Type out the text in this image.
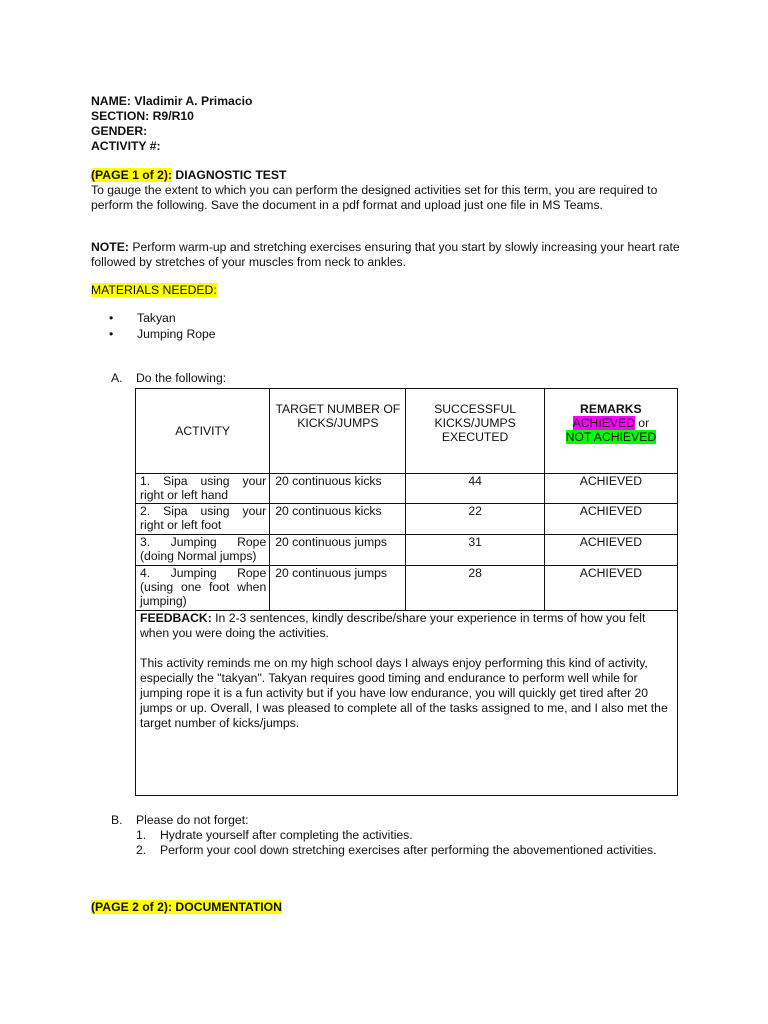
NAME: Vladimir A. Primacio
SECTION: R9/R10
GENDER:
ACTIVITY #:
(PAGE 1 of 2): DIAGNOSTIC TEST

To gauge the extent to which you can perform the designed activities set for this term, you are required to perform the following. Save the document in a pdf format and upload just one file in MS Teams.

NOTE: Perform warm-up and stretching exercises ensuring that you start by slowly increasing your heart rate followed by stretches of your muscles from neck to ankles.

MATERIALS NEEDED:
• Takyan
• Jumping Rope
A. Do the following:
ACTIVITY	TARGET NUMBER OF KICKS/JUMPS	SUCCESSFUL KICKS/JUMPS EXECUTED	REMARKS
ACHIEVED or
NOT ACHIEVED

1. Sipa using your
right or left hand	20 continuous kicks	44	ACHIEVED

2. Sipa using your
right or left foot	20 continuous kicks	22	ACHIEVED

3. Jumping Rope
(doing Normal jumps)	20 continuous jumps	31	ACHIEVED

4. Jumping Rope
(using one foot when
jumping)	20 continuous jumps	28	ACHIEVED

FEEDBACK: In 2-3 sentences, kindly describe/share your experience in terms of how you felt when you were doing the activities.

This activity reminds me on my high school days I always enjoy performing this kind of activity, especially the "takyan". Takyan requires good timing and endurance to perform well while for jumping rope it is a fun activity but if you have low endurance, you will quickly get tired after 20 jumps or up. Overall, I was pleased to complete all of the tasks assigned to me, and I also met the target number of kicks/jumps.			

B. Please do not forget:
1. Hydrate yourself after completing the activities.
2. Perform your cool down stretching exercises after performing the abovementioned activities.
(PAGE 2 of 2): DOCUMENTATION
